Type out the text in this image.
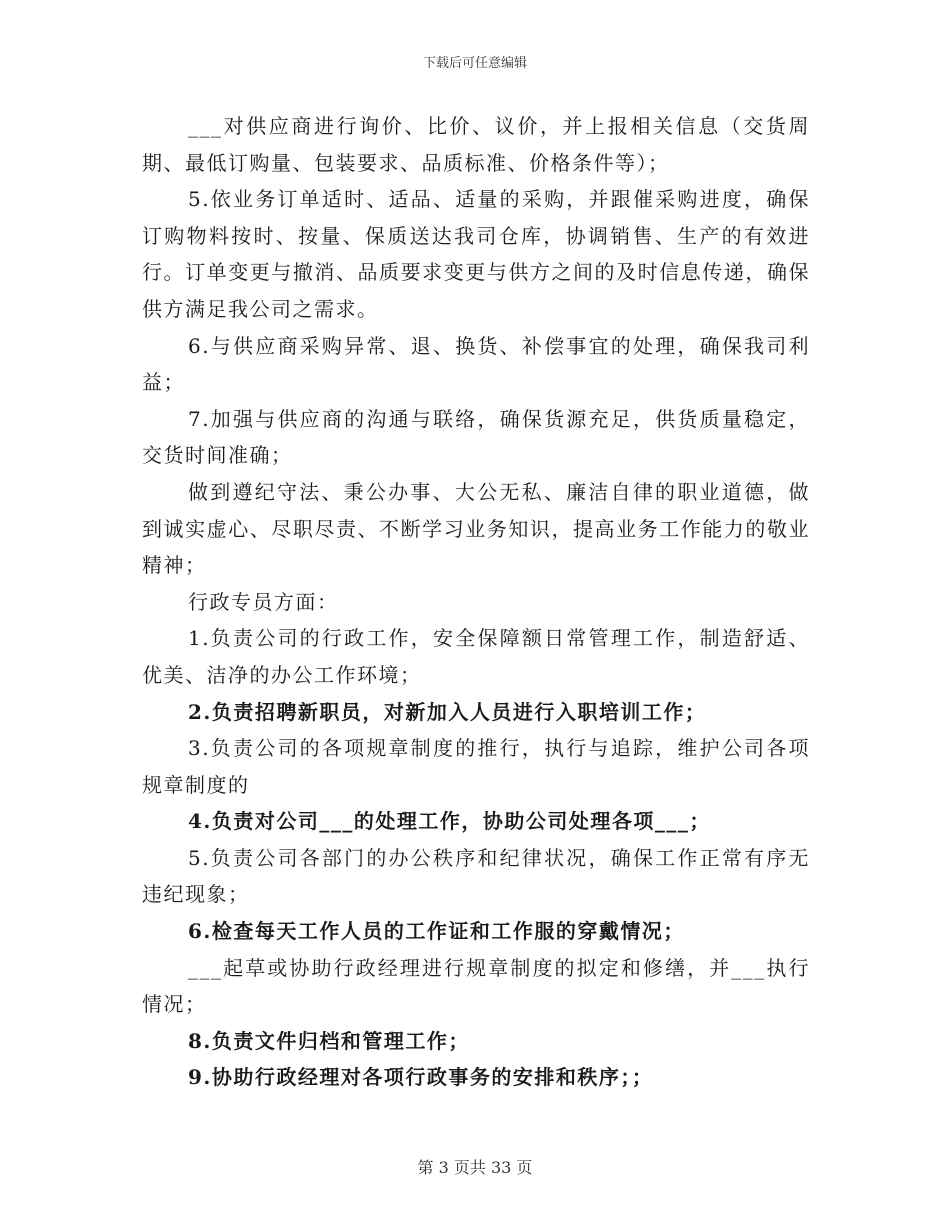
下载后可任意编辑

___对供应商进行询价、比价、议价，并上报相关信息（交货周期、最低订购量、包装要求、品质标准、价格条件等）；

5.依业务订单适时、适品、适量的采购，并跟催采购进度，确保订购物料按时、按量、保质送达我司仓库，协调销售、生产的有效进行。订单变更与撤消、品质要求变更与供方之间的及时信息传递，确保供方满足我公司之需求。

6.与供应商采购异常、退、换货、补偿事宜的处理，确保我司利益；

7.加强与供应商的沟通与联络，确保货源充足，供货质量稳定，交货时间准确；

做到遵纪守法、秉公办事、大公无私、廉洁自律的职业道德，做到诚实虚心、尽职尽责、不断学习业务知识，提高业务工作能力的敬业精神；

行政专员方面：

1.负责公司的行政工作，安全保障额日常管理工作，制造舒适、优美、洁净的办公工作环境；

2.负责招聘新职员，对新加入人员进行入职培训工作；

3.负责公司的各项规章制度的推行，执行与追踪，维护公司各项规章制度的

4.负责对公司___的处理工作，协助公司处理各项___；

5.负责公司各部门的办公秩序和纪律状况，确保工作正常有序无违纪现象；

6.检查每天工作人员的工作证和工作服的穿戴情况；

___起草或协助行政经理进行规章制度的拟定和修缮，并___执行情况；

8.负责文件归档和管理工作；

9.协助行政经理对各项行政事务的安排和秩序；；

第 3 页共 33 页
